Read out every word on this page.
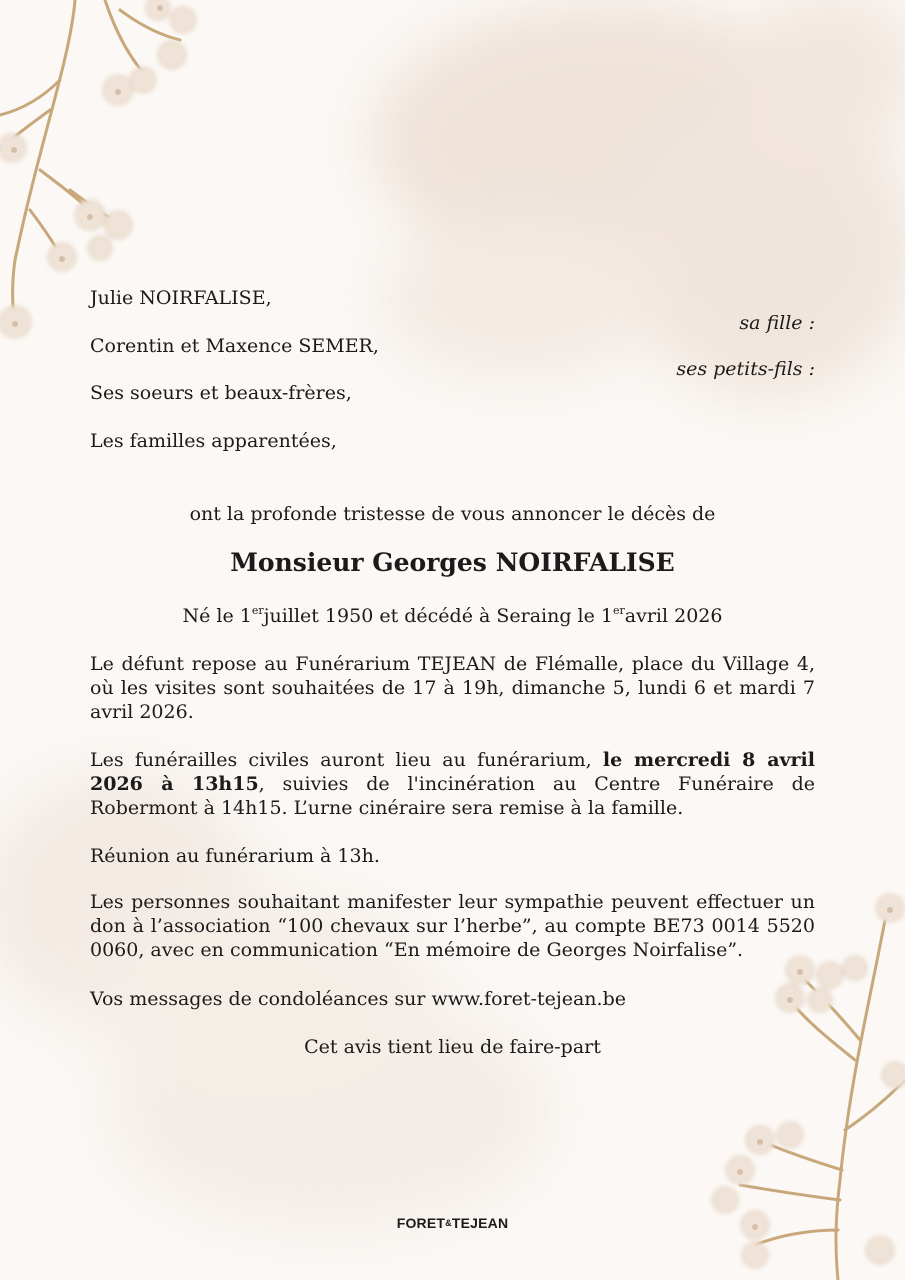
Julie NOIRFALISE,
sa fille :
Corentin et Maxence SEMER,
ses petits-fils :
Ses soeurs et beaux-frères,
Les familles apparentées,
ont la profonde tristesse de vous annoncer le décès de
Monsieur Georges NOIRFALISE
Né le 1erjuillet 1950 et décédé à Seraing le 1eravril 2026
Le défunt repose au Funérarium TEJEAN de Flémalle, place du Village 4, où les visites sont souhaitées de 17 à 19h, dimanche 5, lundi 6 et mardi 7 avril 2026.
Les funérailles civiles auront lieu au funérarium, le mercredi 8 avril 2026 à 13h15, suivies de l'incinération au Centre Funéraire de Robermont à 14h15. L’urne cinéraire sera remise à la famille.
Réunion au funérarium à 13h.
Les personnes souhaitant manifester leur sympathie peuvent effectuer un don à l’association “100 chevaux sur l’herbe”, au compte BE73 0014 5520 0060, avec en communication “En mémoire de Georges Noirfalise”.
Vos messages de condoléances sur www.foret-tejean.be
Cet avis tient lieu de faire-part
FORET&TEJEAN
